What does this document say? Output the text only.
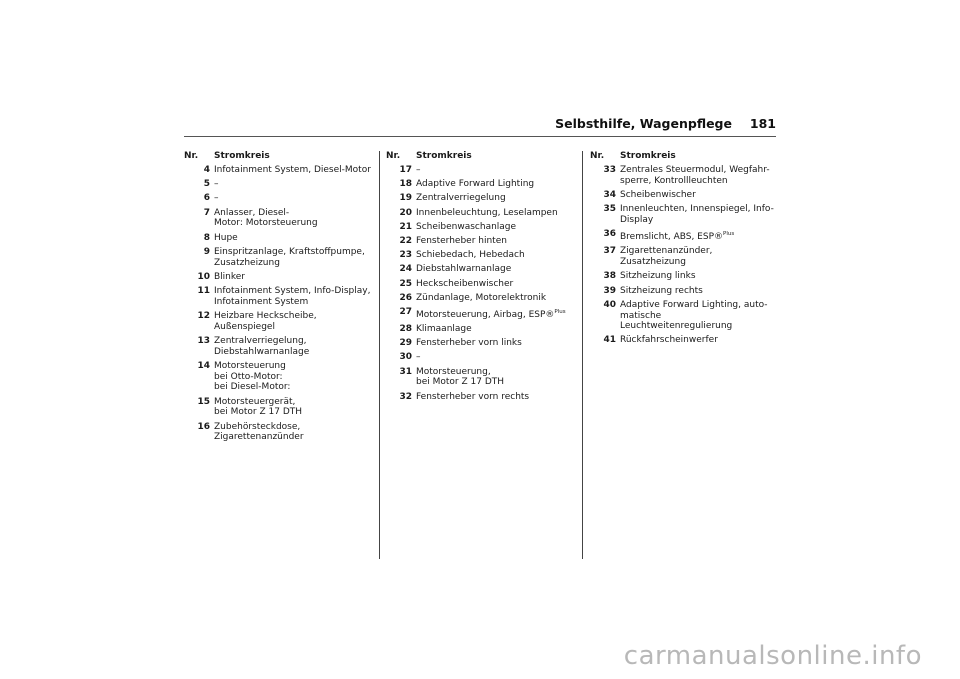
Selbsthilfe, Wagenpflege 181
Nr. Stromkreis
4 Infotainment System, Diesel-Motor
5 –
6 –
7 Anlasser, Diesel-
Motor: Motorsteuerung
8 Hupe
9 Einspritzanlage, Kraftstoffpumpe,
Zusatzheizung
10 Blinker
11 Infotainment System, Info-Display,
Infotainment System
12 Heizbare Heckscheibe,
Außenspiegel
13 Zentralverriegelung,
Diebstahlwarnanlage
14 Motorsteuerung
bei Otto-Motor:
bei Diesel-Motor:
15 Motorsteuergerät,
bei Motor Z 17 DTH
16 Zubehörsteckdose,
Zigarettenanzünder
Nr. Stromkreis
17 –
18 Adaptive Forward Lighting
19 Zentralverriegelung
20 Innenbeleuchtung, Leselampen
21 Scheibenwaschanlage
22 Fensterheber hinten
23 Schiebedach, Hebedach
24 Diebstahlwarnanlage
25 Heckscheibenwischer
26 Zündanlage, Motorelektronik
27 Motorsteuerung, Airbag, ESP®$^{Plus}$
28 Klimaanlage
29 Fensterheber vorn links
30 –
31 Motorsteuerung,
bei Motor Z 17 DTH
32 Fensterheber vorn rechts
Nr. Stromkreis
33 Zentrales Steuermodul, Wegfahr-
sperre, Kontrollleuchten
34 Scheibenwischer
35 Innenleuchten, Innenspiegel, Info-
Display
36 Bremslicht, ABS, ESP®$^{Plus}$
37 Zigarettenanzünder,
Zusatzheizung
38 Sitzheizung links
39 Sitzheizung rechts
40 Adaptive Forward Lighting, auto-
matische Leuchtweitenregulierung
41 Rückfahrscheinwerfer
carmanualsonline.info
